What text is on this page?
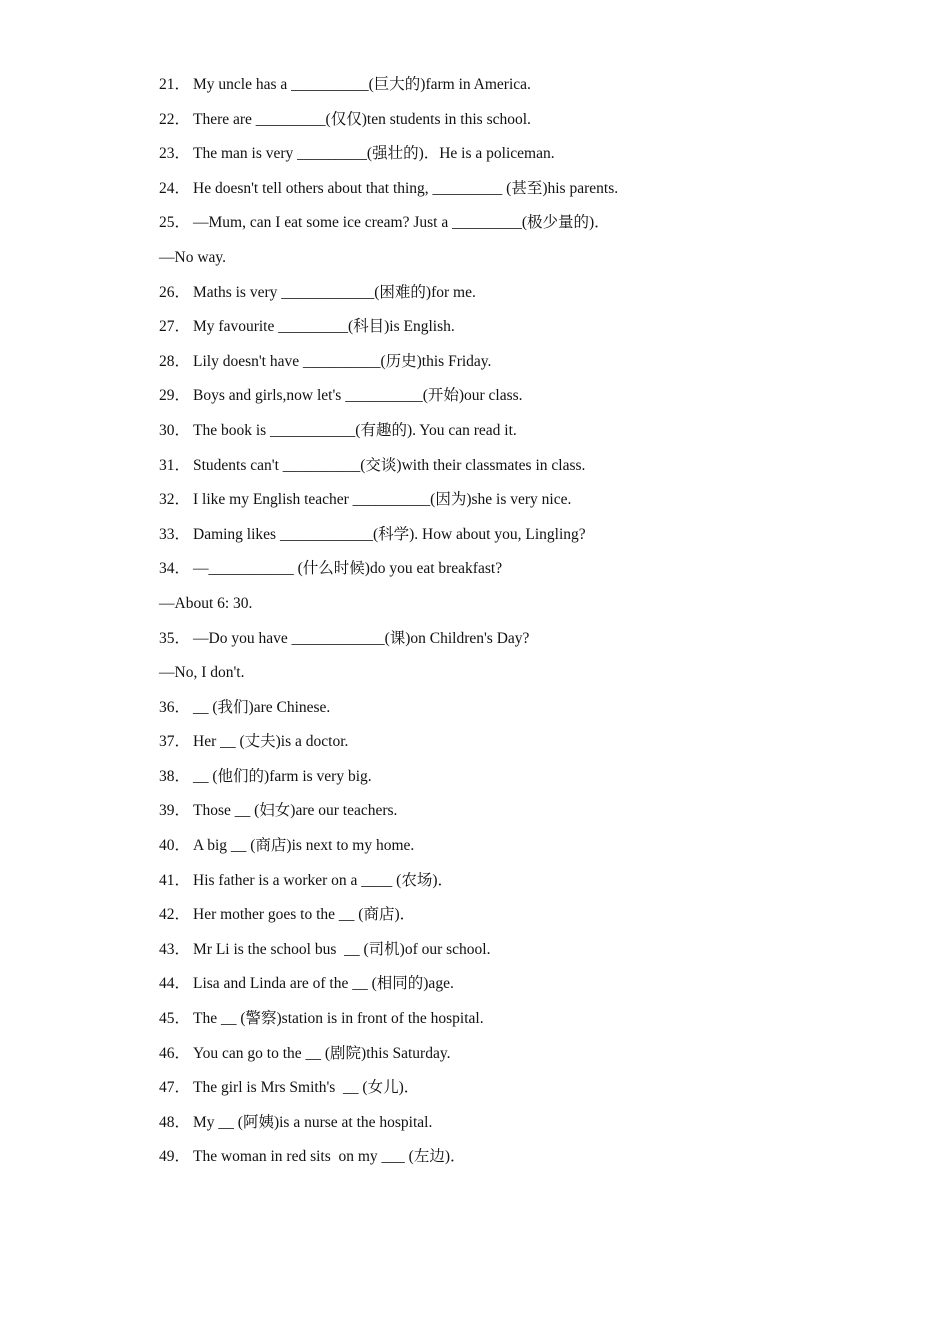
21． My uncle has a __________(巨大的)farm in America.
22． There are _________(仅仅)ten students in this school.
23． The man is very _________(强壮的)．He is a policeman.
24． He doesn't tell others about that thing, _________ (甚至)his parents.
25． —Mum, can I eat some ice cream? Just a _________(极少量的)．
—No way.
26． Maths is very ____________(困难的)for me.
27． My favourite _________(科目)is English.
28． Lily doesn't have __________(历史)this Friday.
29． Boys and girls,now let's __________(开始)our class.
30． The book is ___________(有趣的). You can read it.
31． Students can't __________(交谈)with their classmates in class.
32． I like my English teacher __________(因为)she is very nice.
33． Daming likes ____________(科学). How about you, Lingling?
34． —___________ (什么时候)do you eat breakfast?
—About 6: 30.
35． —Do you have ____________(课)on Children's Day?
—No, I don't.
36． __ (我们)are Chinese.
37． Her __ (丈夫)is a doctor.
38． __ (他们的)farm is very big.
39． Those __ (妇女)are our teachers.
40． A big __ (商店)is next to my home.
41． His father is a worker on a ____ (农场)．
42． Her mother goes to the __ (商店)．
43． Mr Li is the school bus  __ (司机)of our school.
44． Lisa and Linda are of the __ (相同的)age.
45． The __ (警察)station is in front of the hospital.
46． You can go to the __ (剧院)this Saturday.
47． The girl is Mrs Smith's  __ (女儿)．
48． My __ (阿姨)is a nurse at the hospital.
49． The woman in red sits  on my ___ (左边)．
